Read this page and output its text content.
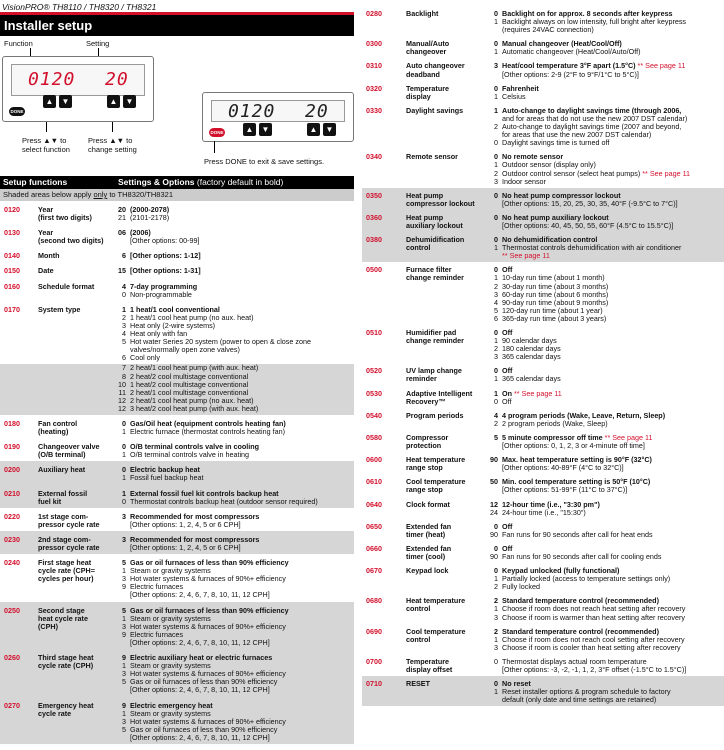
VisionPRO® TH8110 / TH8320 / TH8321
Installer setup
Function	Setting
0120 20
▲	▼	▲	▼
DONE
Press ▲▼ to
select function
Press ▲▼ to
change setting
0120 20
▲	▼	▲	▼
DONE
Press DONE to exit & save settings.
Setup functions	Settings & Options (factory default in bold)
Shaded areas below apply only to TH8320/TH8321
0120	Year
(first two digits)
20 (2000-2078)
21 (2101-2178)
0130	Year
(second two digits)
06 (2006)
[Other options: 00-99]
0140	Month	6 [Other options: 1-12]
0150	Date	15 [Other options: 1-31]
0160	Schedule format	4 7-day programming
0 Non-programmable
0170	System type	1 1 heat/1 cool conventional
2 1 heat/1 cool heat pump (no aux. heat)
3 Heat only (2-wire systems)
4 Heat only with fan
5 Hot water Series 20 system (power to open & close zone
valves/normally open zone valves)
6 Cool only
7 2 heat/1 cool heat pump (with aux. heat)
8 2 heat/2 cool multistage conventional
10 1 heat/2 cool multistage conventional
11 2 heat/1 cool multistage conventional
12 2 heat/1 cool heat pump (no aux. heat)
12 3 heat/2 cool heat pump (with aux. heat)
0180	Fan control
(heating)
0 Gas/Oil heat (equipment controls heating fan)
1 Electric furnace (thermostat controls heating fan)
0190	Changeover valve
(O/B terminal)
0 O/B terminal controls valve in cooling
1 O/B terminal controls valve in heating
0200	Auxiliary heat	0 Electric backup heat
1 Fossil fuel backup heat
0210	External fossil
fuel kit
1 External fossil fuel kit controls backup heat
0 Thermostat controls backup heat (outdoor sensor required)
0220	1st stage com-
pressor cycle rate
3 Recommended for most compressors
[Other options: 1, 2, 4, 5 or 6 CPH]
0230	2nd stage com-
pressor cycle rate
3 Recommended for most compressors
[Other options: 1, 2, 4, 5 or 6 CPH]
0240	First stage heat
cycle rate (CPH=
cycles per hour)
5 Gas or oil furnaces of less than 90% efficiency
1 Steam or gravity systems
3 Hot water systems & furnaces of 90%+ efficiency
9 Electric furnaces
[Other options: 2, 4, 6, 7, 8, 10, 11, 12 CPH]
0250	Second stage
heat cycle rate
(CPH)
5 Gas or oil furnaces of less than 90% efficiency
1 Steam or gravity systems
3 Hot water systems & furnaces of 90%+ efficiency
9 Electric furnaces
[Other options: 2, 4, 6, 7, 8, 10, 11, 12 CPH]
0260	Third stage heat
cycle rate (CPH)
9 Electric auxiliary heat or electric furnaces
1 Steam or gravity systems
3 Hot water systems & furnaces of 90%+ efficiency
5 Gas or oil furnaces of less than 90% efficiency
[Other options: 2, 4, 6, 7, 8, 10, 11, 12 CPH]
0270	Emergency heat
cycle rate
9 Electric emergency heat
1 Steam or gravity systems
3 Hot water systems & furnaces of 90%+ efficiency
5 Gas or oil furnaces of less than 90% efficiency
[Other options: 2, 4, 6, 7, 8, 10, 11, 12 CPH]
0280	Backlight	0 Backlight on for approx. 8 seconds after keypress
1 Backlight always on low intensity, full bright after keypress
(requires 24VAC connection)
0300	Manual/Auto
changeover
0 Manual changeover (Heat/Cool/Off)
1 Automatic changeover (Heat/Cool/Auto/Off)
0310	Auto changeover
deadband
3 Heat/cool temperature 3°F apart (1.5°C) ** See page 11
[Other options: 2-9 (2°F to 9°F/1°C to 5°C)]
0320	Temperature
display
0 Fahrenheit
1 Celsius
0330	Daylight savings	1 Auto-change to daylight savings time (through 2006,
and for areas that do not use the new 2007 DST calendar)
2 Auto-change to daylight savings time (2007 and beyond,
for areas that use the new 2007 DST calendar)
0 Daylight savings time is turned off
0340	Remote sensor	0 No remote sensor
1 Outdoor sensor (display only)
2 Outdoor control sensor (select heat pumps) ** See page 11
3 Indoor sensor
0350	Heat pump
compressor lockout
0 No heat pump compressor lockout
[Other options: 15, 20, 25, 30, 35, 40°F (-9.5°C to 7°C)]
0360	Heat pump
auxiliary lockout
0 No heat pump auxiliary lockout
[Other options: 40, 45, 50, 55, 60°F (4.5°C to 15.5°C)]
0380	Dehumidification
control
0 No dehumidification control
1 Thermostat controls dehumidification with air conditioner
** See page 11
0500	Furnace filter
change reminder
0 Off
1 10-day run time (about 1 month)
2 30-day run time (about 3 months)
3 60-day run time (about 6 months)
4 90-day run time (about 9 months)
5 120-day run time (about 1 year)
6 365-day run time (about 3 years)
0510	Humidifier pad
change reminder
0 Off
1 90 calendar days
2 180 calendar days
3 365 calendar days
0520	UV lamp change
reminder
0 Off
1 365 calendar days
0530	Adaptive Intelligent
Recovery™
1 On ** See page 11
0 Off
0540	Program periods	4 4 program periods (Wake, Leave, Return, Sleep)
2 2 program periods (Wake, Sleep)
0580	Compressor
protection
5 5 minute compressor off time ** See page 11
[Other options: 0, 1, 2, 3 or 4-minute off time]
0600	Heat temperature
range stop
90 Max. heat temperature setting is 90°F (32°C)
[Other options: 40-89°F (4°C to 32°C)]
0610	Cool temperature
range stop
50 Min. cool temperature setting is 50°F (10°C)
[Other options: 51-99°F (11°C to 37°C)]
0640	Clock format	12 12-hour time (i.e., "3:30 pm")
24 24-hour time (i.e., "15:30")
0650	Extended fan
timer (heat)
0 Off
90 Fan runs for 90 seconds after call for heat ends
0660	Extended fan
timer (cool)
0 Off
90 Fan runs for 90 seconds after call for cooling ends
0670	Keypad lock	0 Keypad unlocked (fully functional)
1 Partially locked (access to temperature settings only)
2 Fully locked
0680	Heat temperature
control
2 Standard temperature control (recommended)
1 Choose if room does not reach heat setting after recovery
3 Choose if room is warmer than heat setting after recovery
0690	Cool temperature
control
2 Standard temperature control (recommended)
1 Choose if room does not reach cool setting after recovery
3 Choose if room is cooler than heat setting after recovery
0700	Temperature
display offset
0 Thermostat displays actual room temperature
[Other options: -3, -2, -1, 1, 2, 3°F offset (-1.5°C to 1.5°C)]
0710	RESET	0 No reset
1 Reset installer options & program schedule to factory
default (only date and time settings are retained)
